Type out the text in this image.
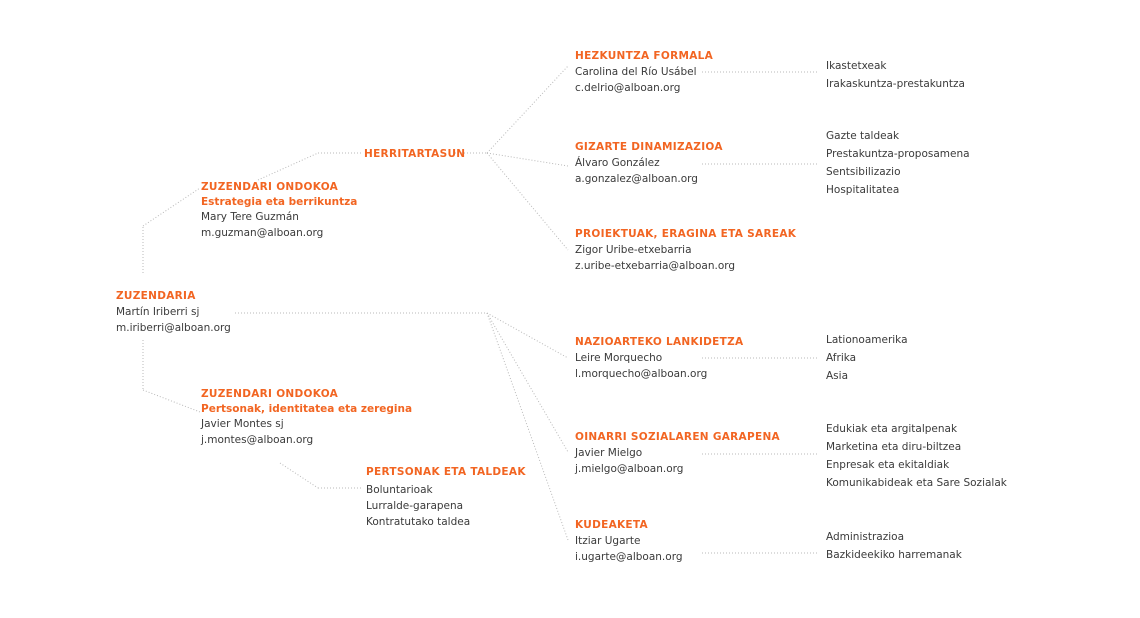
ZUZENDARIA
Martín Iriberri sj
m.iriberri@alboan.org
ZUZENDARI ONDOKOA
Estrategia eta berrikuntza
Mary Tere Guzmán
m.guzman@alboan.org
ZUZENDARI ONDOKOA
Pertsonak, identitatea eta zeregina
Javier Montes sj
j.montes@alboan.org
HERRITARTASUN
PERTSONAK ETA TALDEAK
Boluntarioak
Lurralde-garapena
Kontratutako taldea
HEZKUNTZA FORMALA
Carolina del Río Usábel
c.delrio@alboan.org
Ikastetxeak
Irakaskuntza-prestakuntza
GIZARTE DINAMIZAZIOA
Álvaro González
a.gonzalez@alboan.org
Gazte taldeak
Prestakuntza-proposamena
Sentsibilizazio
Hospitalitatea
PROIEKTUAK, ERAGINA ETA SAREAK
Zigor Uribe-etxebarria
z.uribe-etxebarria@alboan.org
NAZIOARTEKO LANKIDETZA
Leire Morquecho
l.morquecho@alboan.org
Lationoamerika
Afrika
Asia
OINARRI SOZIALAREN GARAPENA
Javier Mielgo
j.mielgo@alboan.org
Edukiak eta argitalpenak
Marketina eta diru-biltzea
Enpresak eta ekitaldiak
Komunikabideak eta Sare Sozialak
KUDEAKETA
Itziar Ugarte
i.ugarte@alboan.org
Administrazioa
Bazkideekiko harremanak
